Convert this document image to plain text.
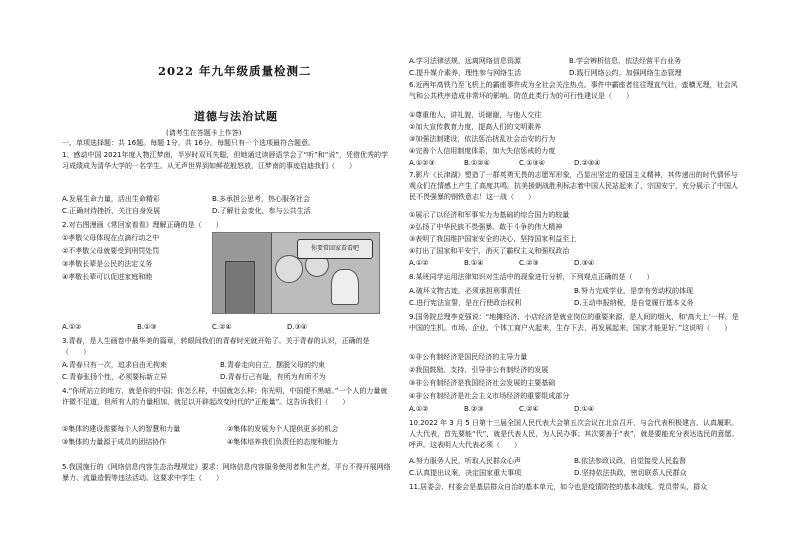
2022 年九年级质量检测二
道德与法治试题
(请考生在答题卡上作答)

一、单项选择题：共 16题。每题 1分，共 16分。每题只有一个选项最符合题意。

1、感动中国 2021年度人物江梦南，半岁时双耳失聪，但她通过读唇语学会了“听”和“说”，凭借优秀的学习成绩成为清华大学的一名学生。从无声世界到如鲜花般怒放，江梦南的事迹启迪我们（　　）

A.发展生命力量，活出生命精彩	B.多承担公思考，热心服务社会
C.正确对待挫折，关注自身发展	D.了解社会变化，参与公共生活

2.对右图漫画《常回家看看》理解正确的是（　　）

①孝敬父母体现在点滴行动之中

②不孝敬父母就要受到刑罚处罚

③孝敬长辈是公民的法定义务

④孝敬长辈可以促进家庭和睦

A.①②	B.①③	C.②④	D.③④

3.青春，是人生画卷中最华美的篇章，转眼间我们的青春时光就开始了。关于青春的认识，正确的是（　　）

A.青春只有一次，追求自由无拘束	B.青春走向自立，摆脱父母的约束
C.青春张扬个性，必须要标新立异	D.青春行己有耻，有所为有所不为

4.“你所站立的地方，就是你的中国；你怎么样，中国就怎么样；你光明，中国便不黑暗。”一个人的力量就许微不足道，但所有人的力量相加，就足以开辟起改变时代的“正能量”。这告诉我们（　　）

①集体的建设需要每个人的智慧和力量	②集体的发展为个人提供更多的机会
③集体的力量源于成员的团结协作	④集体培养我们负责任的态度和能力

5.我国施行的《网络信息内容生态治理规定》要求：网络信息内容服务使用者和生产者，平台不得开展网络暴力、流量造假等违法活动。这要求中学生（　　）

你要常回家看看吧
A.学习法律法规，远离网络信息资源	B.学会辨析信息，依法经营平台业务
C.提升媒介素养，理性参与网络生活	D.践行网络公约，加强网络生态管理

6.近两年高铁乃至飞机上的霸座事件成为全社会关注热点。事件中霸座者往往理直气壮，蛮横无理，社会风气和公共秩序造成非常坏的影响。防范此类行为的可行性建议是（　　）

①尊重他人，讲礼貌，说谢谢，与他人交往

②加大宣传教育力度，提高人们的文明素养

③加强法制建设，依法惩治扰乱社会治安的行为

④完善个人信用制度体系，加大失信惩戒的力度

A.①②③	B.①②④	C.①③④	D.②③④

7.影片《长津湖》塑造了一群英勇无畏的志愿军形象，凸显出坚定的爱国主义精神，其传递出的时代情怀与观众们在情感上产生了高度共鸣。抗美援朝战胜利标志着中国人民站起来了，宗国安宁，充分展示了中国人民不畏强暴的钢铁意志！这一战（　　）

①展示了以经济和军事实力为基础的综合国力的较量

②弘扬了中华民族不畏强暴、敢于斗争的伟大精神

③表明了我国维护国家安全的决心，坚持国家利益至上

④打出了国家和平安宁，消灭了霸权主义和强权政治

A.①②	B.①④	C.②③	D.③④

8.某班同学运用法律知识对生活中的现象进行分析，下列观点正确的是（　　）

A.破坏文物古迹，必须承担刑事责任	B.努力完成学业，是享有劳动权的体现
C.进行宪法宣誓，是在行使政治权利	D.王动申报纳税，是自觉履行基本义务

9.国务院总理李克强说：“地摊经济、小店经济是就业岗位的重要来源，是人间的烟火，和‘高大上’一样，是中国的生机。市场、企业、个体工商户火起来，生存下去，再发展起来，国家才能更好。”这说明（　　）

①非公有制经济是国民经济的主导力量

②我国鼓励、支持、引导非公有制经济的发展

③非公有制经济是我国经济社会发展的主要基础

④非公有制经济是社会主义市场经济的重要组成部分

A.①②	B.②③	C.②④	D.①④

10.2022 年 3 月 5 日第十三届全国人民代表大会第五次会议在北京召开，与会代表积极建言、认真履职。人大代表，首先要能“代”，就是代表人民，为人民办事；其次要善于“表”，就是要能充分表达选民的意愿。呼声。这表明人大代表必须（　　）

A.努力服务人民，听取人民群众心声	B.依法参政议政，自觉接受人民监督
C.认真提出议案，决定国家重大事项	D.坚持依法执政，密切联系人民群众

11.居委会、村委会是基层群众自治的基本单元，如今也是疫情防控的基本战线。党员带头、群众
